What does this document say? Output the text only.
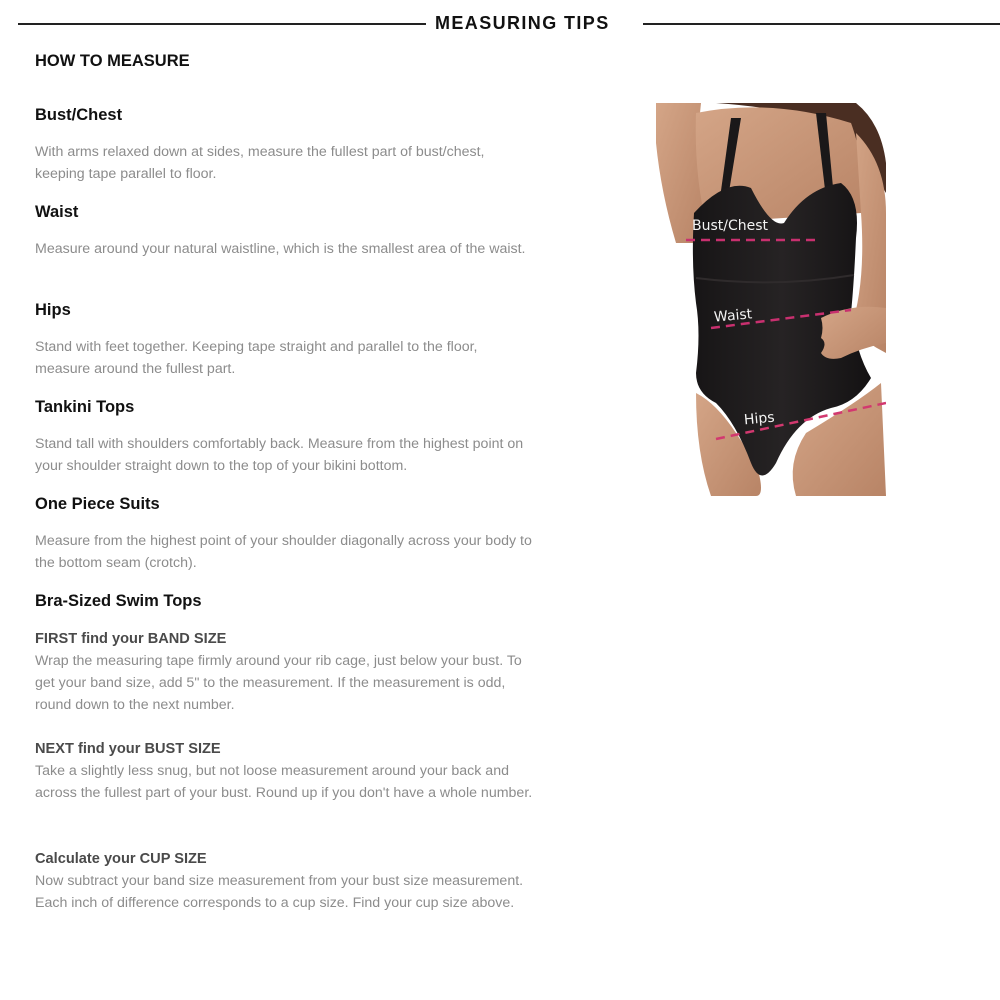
MEASURING TIPS
HOW TO MEASURE
Bust/Chest

With arms relaxed down at sides, measure the fullest part of bust/chest, keeping tape parallel to floor.

Waist

Measure around your natural waistline, which is the smallest area of the waist.

Hips

Stand with feet together. Keeping tape straight and parallel to the floor, measure around the fullest part.

Tankini Tops

Stand tall with shoulders comfortably back. Measure from the highest point on your shoulder straight down to the top of your bikini bottom.

One Piece Suits

Measure from the highest point of your shoulder diagonally across your body to the bottom seam (crotch).

Bra-Sized Swim Tops
FIRST find your BAND SIZE

Wrap the measuring tape firmly around your rib cage, just below your bust. To get your band size, add 5" to the measurement. If the measurement is odd, round down to the next number.

NEXT find your BUST SIZE

Take a slightly less snug, but not loose measurement around your back and across the fullest part of your bust. Round up if you don't have a whole number.

Calculate your CUP SIZE

Now subtract your band size measurement from your bust size measurement. Each inch of difference corresponds to a cup size. Find your cup size above.

Bust/Chest
Waist
Hips
